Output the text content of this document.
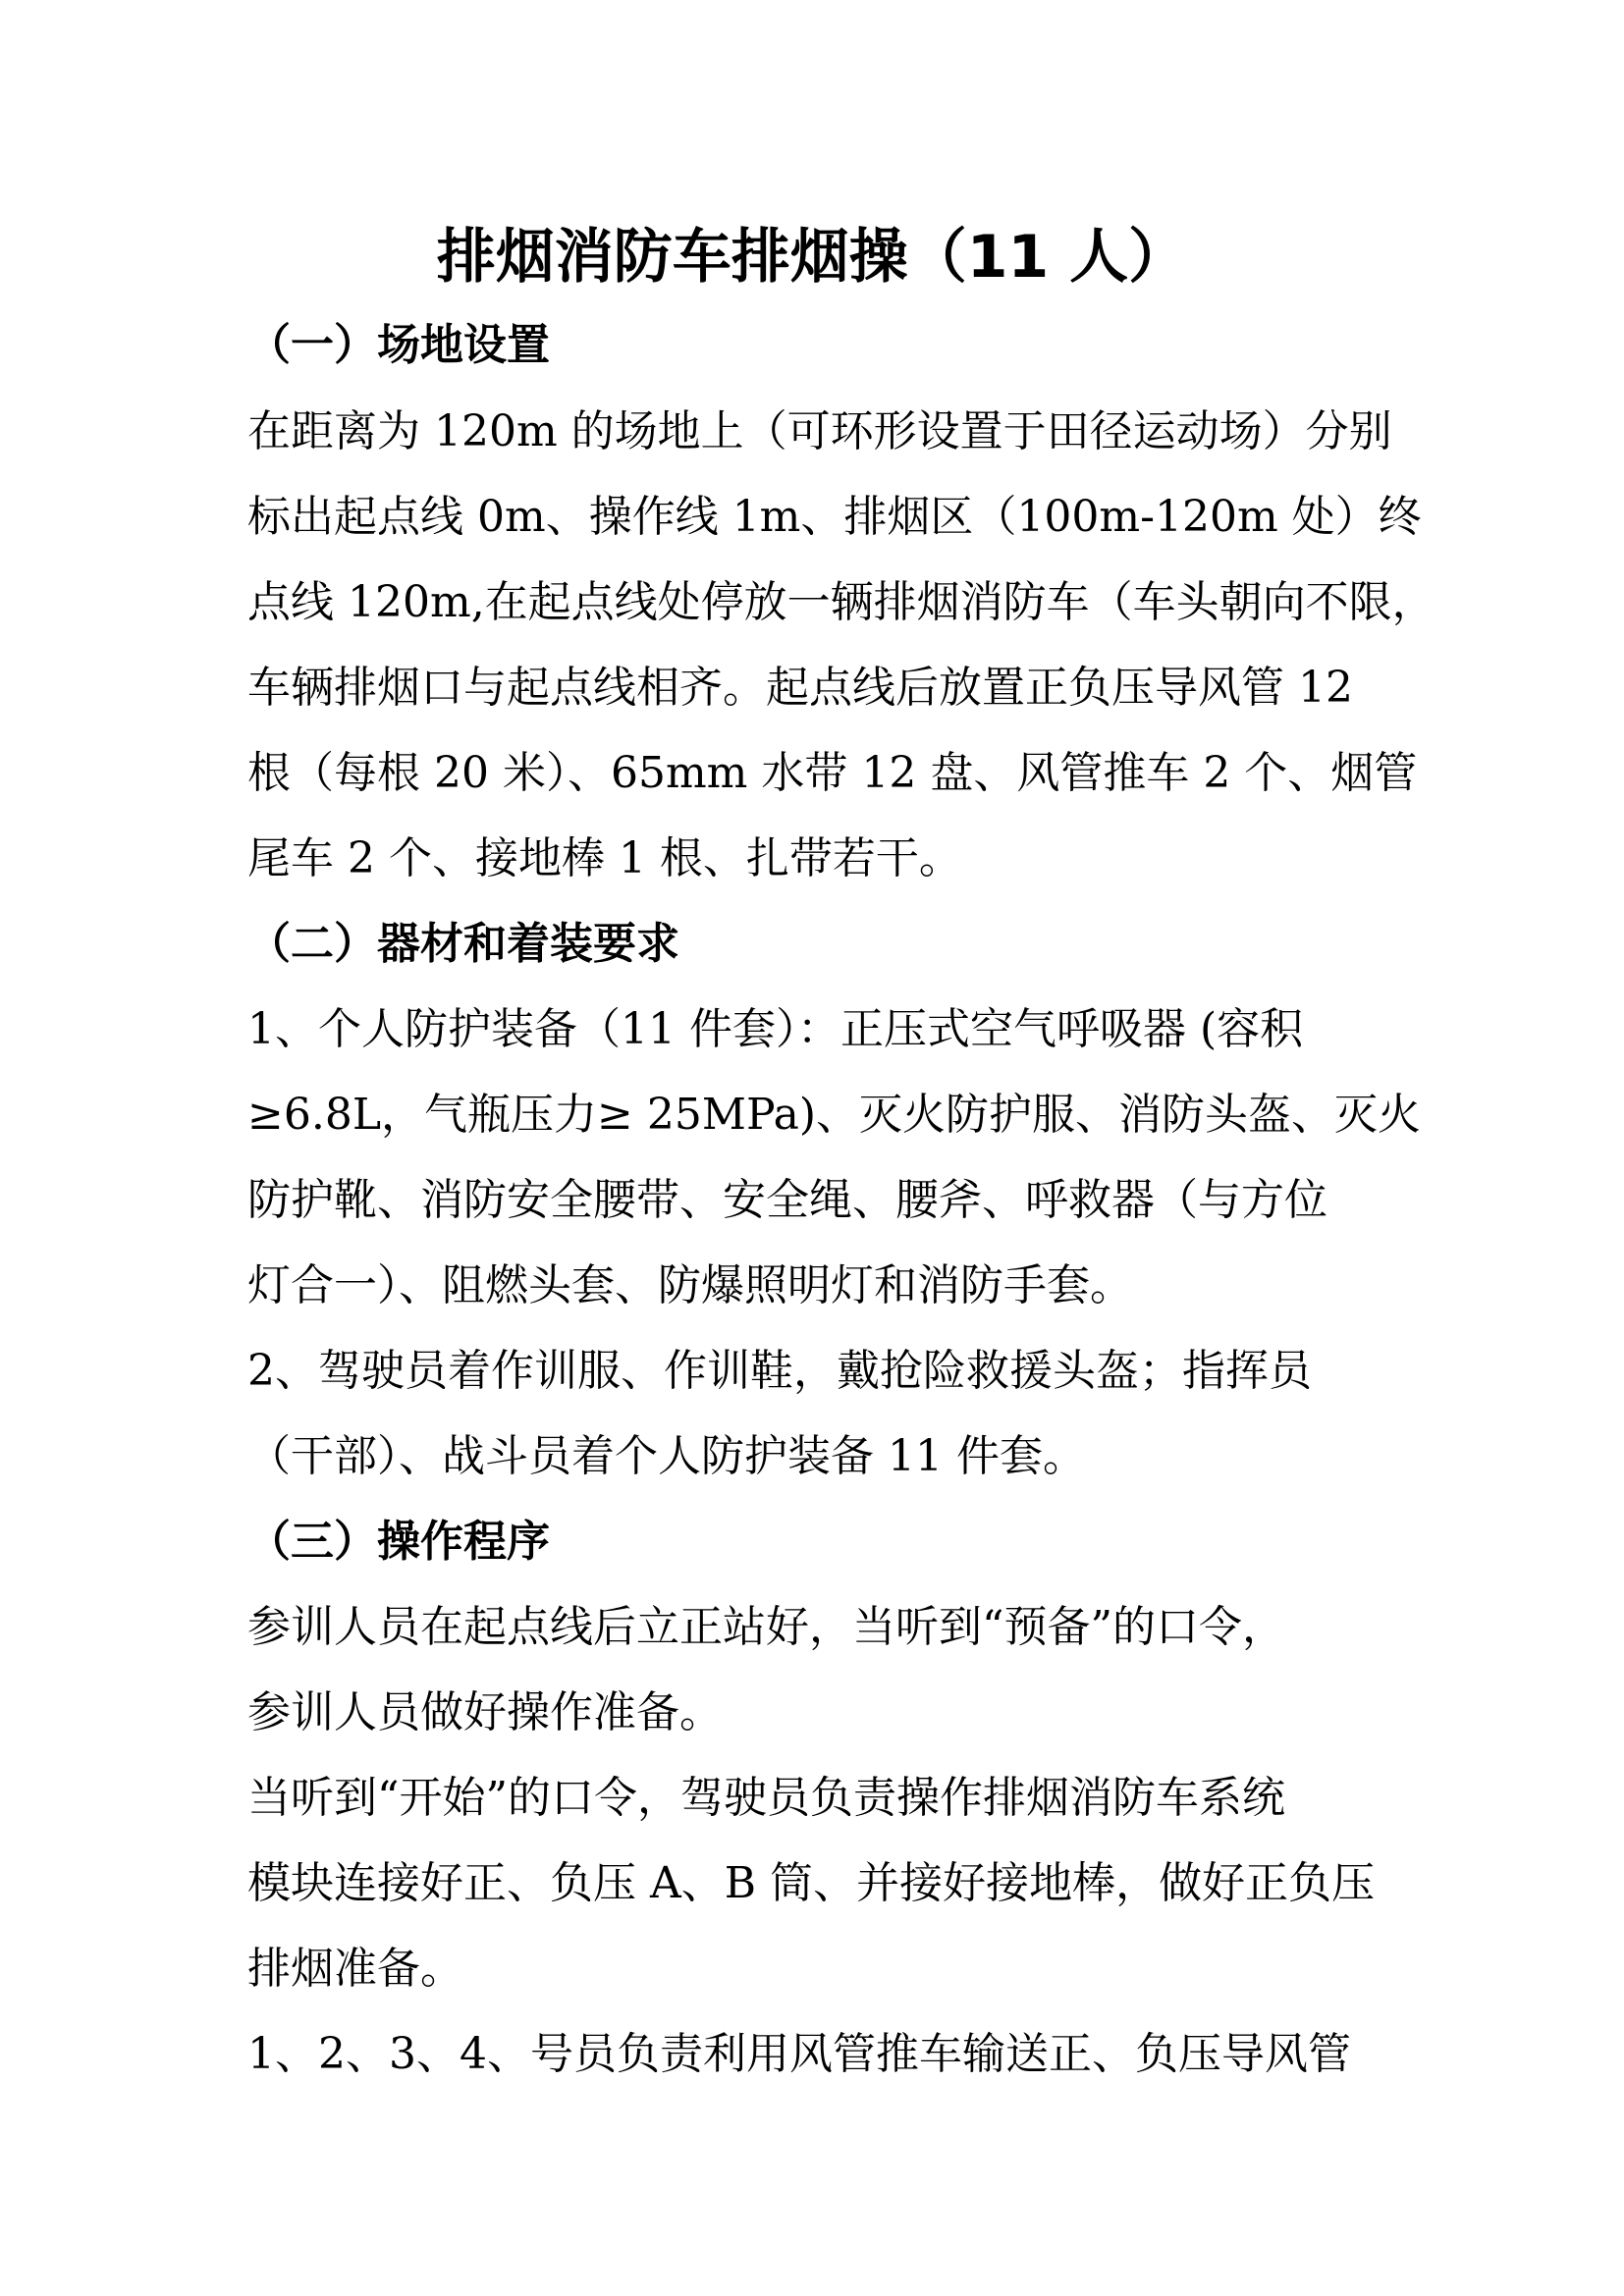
排烟消防车排烟操（11 人）
（一）场地设置
在距离为 120m 的场地上（可环形设置于田径运动场）分别
标出起点线 0m、操作线 1m、排烟区（100m-120m 处）终
点线 120m,在起点线处停放一辆排烟消防车（车头朝向不限，
车辆排烟口与起点线相齐。起点线后放置正负压导风管 12
根（每根 20 米）、65mm 水带 12 盘、风管推车 2 个、烟管
尾车 2 个、接地棒 1 根、扎带若干。
（二）器材和着装要求
1、个人防护装备（11 件套）：正压式空气呼吸器 (容积
≥6.8L，气瓶压力≥ 25MPa)、灭火防护服、消防头盔、灭火
防护靴、消防安全腰带、安全绳、腰斧、呼救器（与方位
灯合一）、阻燃头套、防爆照明灯和消防手套。
2、驾驶员着作训服、作训鞋，戴抢险救援头盔；指挥员
（干部）、战斗员着个人防护装备 11 件套。
（三）操作程序
参训人员在起点线后立正站好，当听到“预备”的口令，
参训人员做好操作准备。
当听到“开始”的口令，驾驶员负责操作排烟消防车系统
模块连接好正、负压 A、B 筒、并接好接地棒，做好正负压
排烟准备。
1、2、3、4、号员负责利用风管推车输送正、负压导风管
